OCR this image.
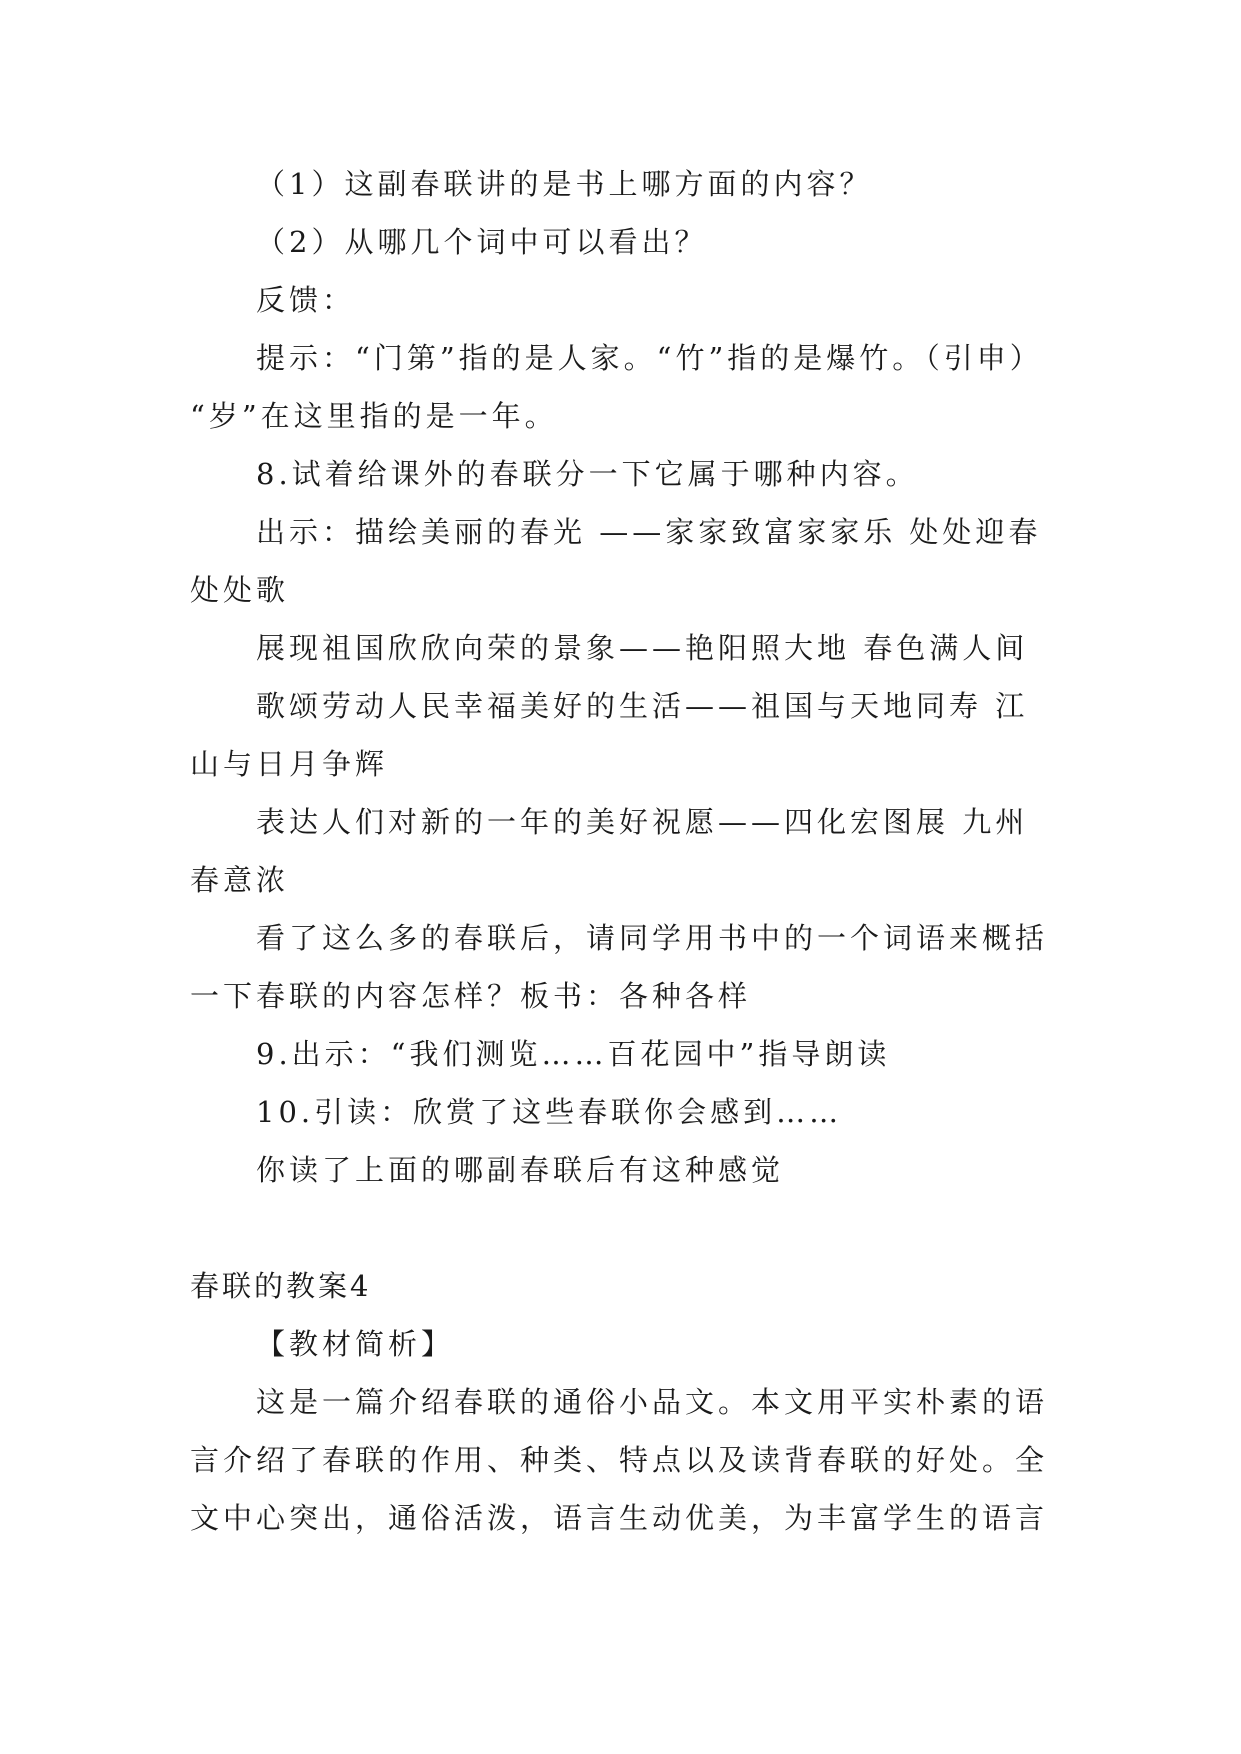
（1）这副春联讲的是书上哪方面的内容？
（2）从哪几个词中可以看出？
反馈：
提示：“门第”指的是人家。“竹”指的是爆竹。（引申）
“岁”在这里指的是一年。
8.试着给课外的春联分一下它属于哪种内容。
出示：描绘美丽的春光 ——家家致富家家乐 处处迎春
处处歌
展现祖国欣欣向荣的景象——艳阳照大地 春色满人间
歌颂劳动人民幸福美好的生活——祖国与天地同寿 江
山与日月争辉
表达人们对新的一年的美好祝愿——四化宏图展 九州
春意浓
看了这么多的春联后，请同学用书中的一个词语来概括
一下春联的内容怎样？板书：各种各样
9.出示：“我们测览……百花园中”指导朗读
10.引读：欣赏了这些春联你会感到……
你读了上面的哪副春联后有这种感觉
春联的教案4
【教材简析】
这是一篇介绍春联的通俗小品文。本文用平实朴素的语
言介绍了春联的作用、种类、特点以及读背春联的好处。全
文中心突出，通俗活泼，语言生动优美，为丰富学生的语言
